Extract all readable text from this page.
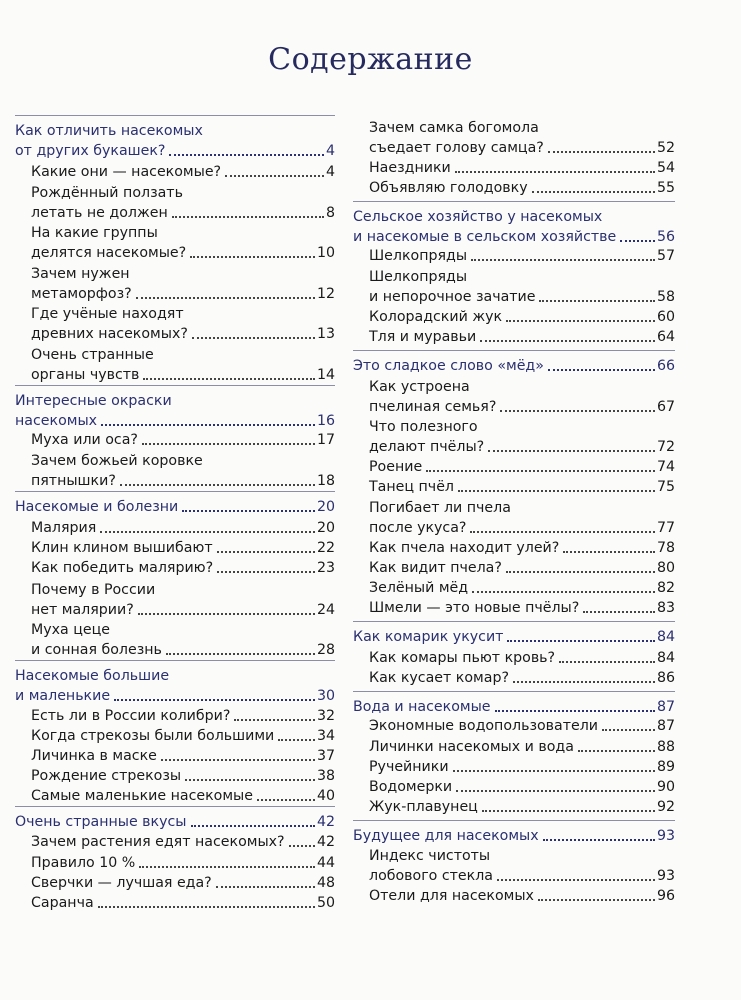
Содержание
Как отличить насекомых
от других букашек?	4
Какие они — насекомые?	4
Рождённый ползать
летать не должен	8
На какие группы
делятся насекомые?	10
Зачем нужен
метаморфоз?	12
Где учёные находят
древних насекомых?	13
Очень странные
органы чувств	14
Интересные окраски
насекомых	16
Муха или оса?	17
Зачем божьей коровке
пятнышки?	18
Насекомые и болезни	20
Малярия	20
Клин клином вышибают	22
Как победить малярию?	23
Почему в России
нет малярии?	24
Муха цеце
и сонная болезнь	28
Насекомые большие
и маленькие	30
Есть ли в России колибри?	32
Когда стрекозы были большими	34
Личинка в маске	37
Рождение стрекозы	38
Самые маленькие насекомые	40
Очень странные вкусы	42
Зачем растения едят насекомых? 42
Правило 10 %	44
Сверчки — лучшая еда?	48
Саранча	50
Зачем самка богомола
съедает голову самца?	52
Наездники	54
Объявляю голодовку	55
Сельское хозяйство у насекомых
и насекомые в сельском хозяйстве	56
Шелкопряды	57
Шелкопряды
и непорочное зачатие	58
Колорадский жук	60
Тля и муравьи	64
Это сладкое слово «мёд»	66
Как устроена
пчелиная семья?	67
Что полезного
делают пчёлы?	72
Роение	74
Танец пчёл	75
Погибает ли пчела
после укуса?	77
Как пчела находит улей?	78
Как видит пчела?	80
Зелёный мёд	82
Шмели — это новые пчёлы?	83
Как комарик укусит	84
Как комары пьют кровь?	84
Как кусает комар?	86
Вода и насекомые	87
Экономные водопользователи	87
Личинки насекомых и вода	88
Ручейники	89
Водомерки	90
Жук-плавунец	92
Будущее для насекомых	93
Индекс чистоты
лобового стекла	93
Отели для насекомых	96
